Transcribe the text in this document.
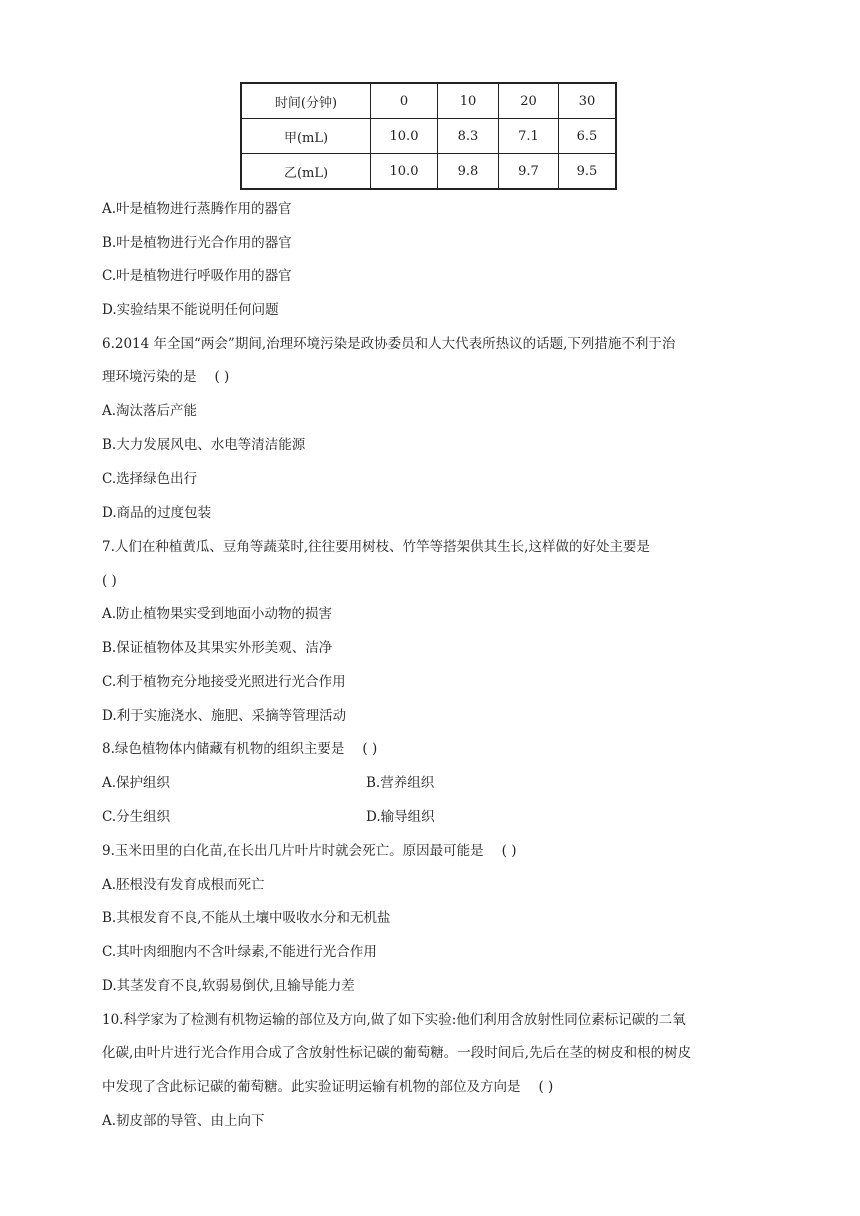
时间(分钟)	0	10	20	30
甲(mL)	10.0	8.3	7.1	6.5
乙(mL)	10.0	9.8	9.7	9.5
A.叶是植物进行蒸腾作用的器官
B.叶是植物进行光合作用的器官
C.叶是植物进行呼吸作用的器官
D.实验结果不能说明任何问题
6.2014 年全国“两会”期间,治理环境污染是政协委员和人大代表所热议的话题,下列措施不利于治
理环境污染的是 ( )
A.淘汰落后产能
B.大力发展风电、水电等清洁能源
C.选择绿色出行
D.商品的过度包装
7.人们在种植黄瓜、豆角等蔬菜时,往往要用树枝、竹竿等搭架供其生长,这样做的好处主要是
( )
A.防止植物果实受到地面小动物的损害
B.保证植物体及其果实外形美观、洁净
C.利于植物充分地接受光照进行光合作用
D.利于实施浇水、施肥、采摘等管理活动
8.绿色植物体内储藏有机物的组织主要是 ( )
A.保护组织	B.营养组织
C.分生组织	D.输导组织
9.玉米田里的白化苗,在长出几片叶片时就会死亡。原因最可能是 ( )
A.胚根没有发育成根而死亡
B.其根发育不良,不能从土壤中吸收水分和无机盐
C.其叶肉细胞内不含叶绿素,不能进行光合作用
D.其茎发育不良,软弱易倒伏,且输导能力差
10.科学家为了检测有机物运输的部位及方向,做了如下实验:他们利用含放射性同位素标记碳的二氧
化碳,由叶片进行光合作用合成了含放射性标记碳的葡萄糖。一段时间后,先后在茎的树皮和根的树皮
中发现了含此标记碳的葡萄糖。此实验证明运输有机物的部位及方向是 ( )
A.韧皮部的导管、由上向下
